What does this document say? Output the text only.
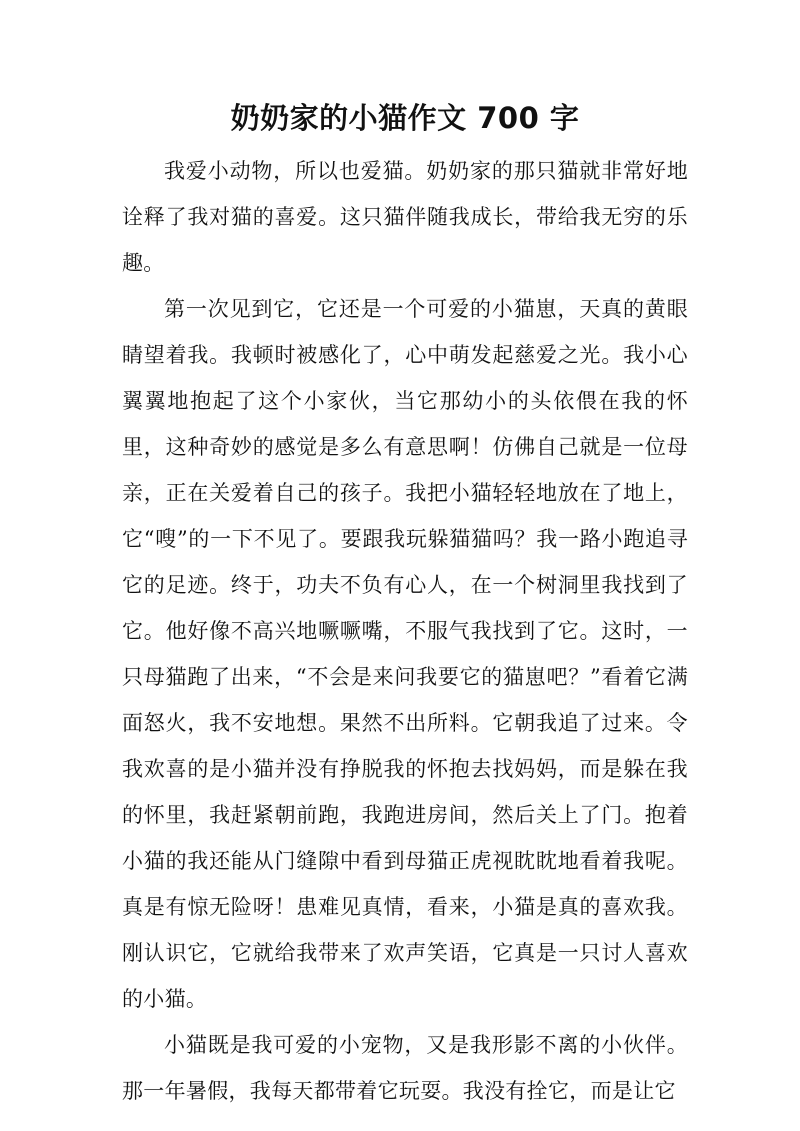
奶奶家的小猫作文 700 字

我爱小动物，所以也爱猫。奶奶家的那只猫就非常好地诠释了我对猫的喜爱。这只猫伴随我成长，带给我无穷的乐趣。

第一次见到它，它还是一个可爱的小猫崽，天真的黄眼睛望着我。我顿时被感化了，心中萌发起慈爱之光。我小心翼翼地抱起了这个小家伙，当它那幼小的头依偎在我的怀里，这种奇妙的感觉是多么有意思啊！仿佛自己就是一位母亲，正在关爱着自己的孩子。我把小猫轻轻地放在了地上，它“嗖”的一下不见了。要跟我玩躲猫猫吗？我一路小跑追寻它的足迹。终于，功夫不负有心人，在一个树洞里我找到了它。他好像不高兴地噘噘嘴，不服气我找到了它。这时，一只母猫跑了出来，“不会是来问我要它的猫崽吧？”看着它满面怒火，我不安地想。果然不出所料。它朝我追了过来。令我欢喜的是小猫并没有挣脱我的怀抱去找妈妈，而是躲在我的怀里，我赶紧朝前跑，我跑进房间，然后关上了门。抱着小猫的我还能从门缝隙中看到母猫正虎视眈眈地看着我呢。真是有惊无险呀！患难见真情，看来，小猫是真的喜欢我。刚认识它，它就给我带来了欢声笑语，它真是一只讨人喜欢的小猫。

小猫既是我可爱的小宠物，又是我形影不离的小伙伴。那一年暑假，我每天都带着它玩耍。我没有拴它，而是让它
